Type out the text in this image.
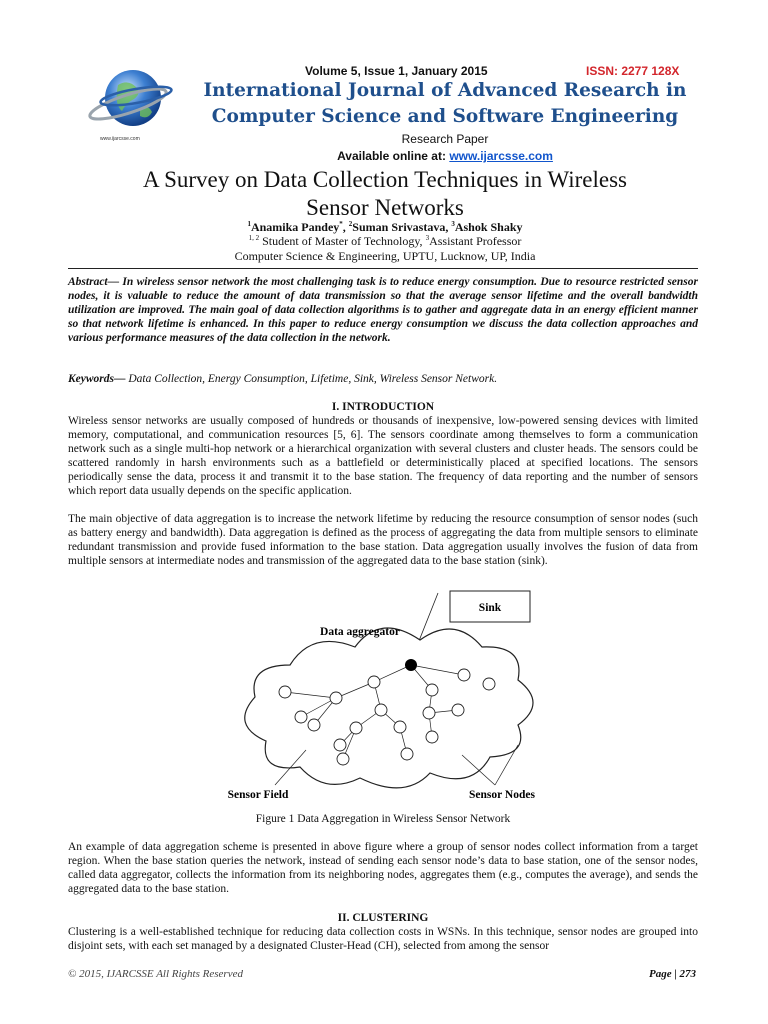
www.ijarcsse.com
Volume 5, Issue 1, January 2015	ISSN: 2277 128X
International Journal of Advanced Research in
Computer Science and Software Engineering
Research Paper
Available online at: www.ijarcsse.com
A Survey on Data Collection Techniques in Wireless
Sensor Networks
$^1$Anamika Pandey*, $^2$Suman Srivastava, $^3$Ashok Shaky
$^{1, 2}$ Student of Master of Technology, $^3$Assistant Professor
Computer Science & Engineering, UPTU, Lucknow, UP, India
Abstract— In wireless sensor network the most challenging task is to reduce energy consumption. Due to resource restricted sensor nodes, it is valuable to reduce the amount of data transmission so that the average sensor lifetime and the overall bandwidth utilization are improved. The main goal of data collection algorithms is to gather and aggregate data in an energy efficient manner so that network lifetime is enhanced. In this paper to reduce energy consumption we discuss the data collection approaches and various performance measures of the data collection in the network.
Keywords— Data Collection, Energy Consumption, Lifetime, Sink, Wireless Sensor Network.
I. INTRODUCTION
Wireless sensor networks are usually composed of hundreds or thousands of inexpensive, low-powered sensing devices with limited memory, computational, and communication resources [5, 6]. The sensors coordinate among themselves to form a communication network such as a single multi-hop network or a hierarchical organization with several clusters and cluster heads. The sensors could be scattered randomly in harsh environments such as a battlefield or deterministically placed at specified locations. The sensors periodically sense the data, process it and transmit it to the base station. The frequency of data reporting and the number of sensors which report data usually depends on the specific application.
The main objective of data aggregation is to increase the network lifetime by reducing the resource consumption of sensor nodes (such as battery energy and bandwidth). Data aggregation is defined as the process of aggregating the data from multiple sensors to eliminate redundant transmission and provide fused information to the base station. Data aggregation usually involves the fusion of data from multiple sensors at intermediate nodes and transmission of the aggregated data to the base station (sink).
Sink
Data aggregator
Sensor Field	Sensor Nodes
Figure 1 Data Aggregation in Wireless Sensor Network
An example of data aggregation scheme is presented in above figure where a group of sensor nodes collect information from a target region. When the base station queries the network, instead of sending each sensor node’s data to base station, one of the sensor nodes, called data aggregator, collects the information from its neighboring nodes, aggregates them (e.g., computes the average), and sends the aggregated data to the base station.
II. CLUSTERING
Clustering is a well-established technique for reducing data collection costs in WSNs. In this technique, sensor nodes are grouped into disjoint sets, with each set managed by a designated Cluster-Head (CH), selected from among the sensor
© 2015, IJARCSSE All Rights Reserved	Page | 273
